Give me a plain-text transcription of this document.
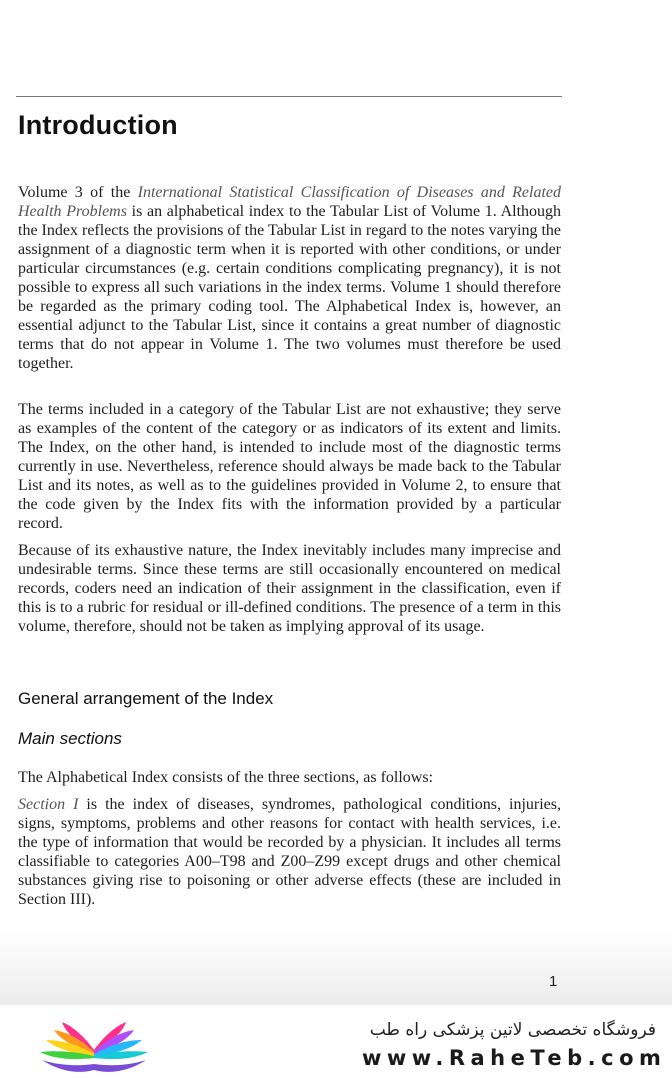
Introduction

Volume 3 of the International Statistical Classification of Diseases and Related Health Problems is an alphabetical index to the Tabular List of Volume 1. Although the Index reflects the provisions of the Tabular List in regard to the notes varying the assignment of a diagnostic term when it is reported with other conditions, or under particular circumstances (e.g. certain conditions complicating pregnancy), it is not possible to express all such variations in the index terms. Volume 1 should therefore be regarded as the primary coding tool. The Alphabetical Index is, however, an essential adjunct to the Tabular List, since it contains a great number of diagnostic terms that do not appear in Volume 1. The two volumes must therefore be used together.

The terms included in a category of the Tabular List are not exhaustive; they serve as examples of the content of the category or as indicators of its extent and limits. The Index, on the other hand, is intended to include most of the diagnostic terms currently in use. Nevertheless, reference should always be made back to the Tabular List and its notes, as well as to the guidelines provided in Volume 2, to ensure that the code given by the Index fits with the information provided by a particular record.

Because of its exhaustive nature, the Index inevitably includes many imprecise and undesirable terms. Since these terms are still occasionally encountered on medical records, coders need an indication of their assignment in the classification, even if this is to a rubric for residual or ill-defined conditions. The presence of a term in this volume, therefore, should not be taken as implying approval of its usage.

General arrangement of the Index
Main sections

The Alphabetical Index consists of the three sections, as follows:

Section I is the index of diseases, syndromes, pathological conditions, injuries, signs, symptoms, problems and other reasons for contact with health services, i.e. the type of information that would be recorded by a physician. It includes all terms classifiable to categories A00–T98 and Z00–Z99 except drugs and other chemical substances giving rise to poisoning or other adverse effects (these are included in Section III).

1
فروشگاه تخصصی لاتین پزشکی راه طب
www.RaheTeb.com
